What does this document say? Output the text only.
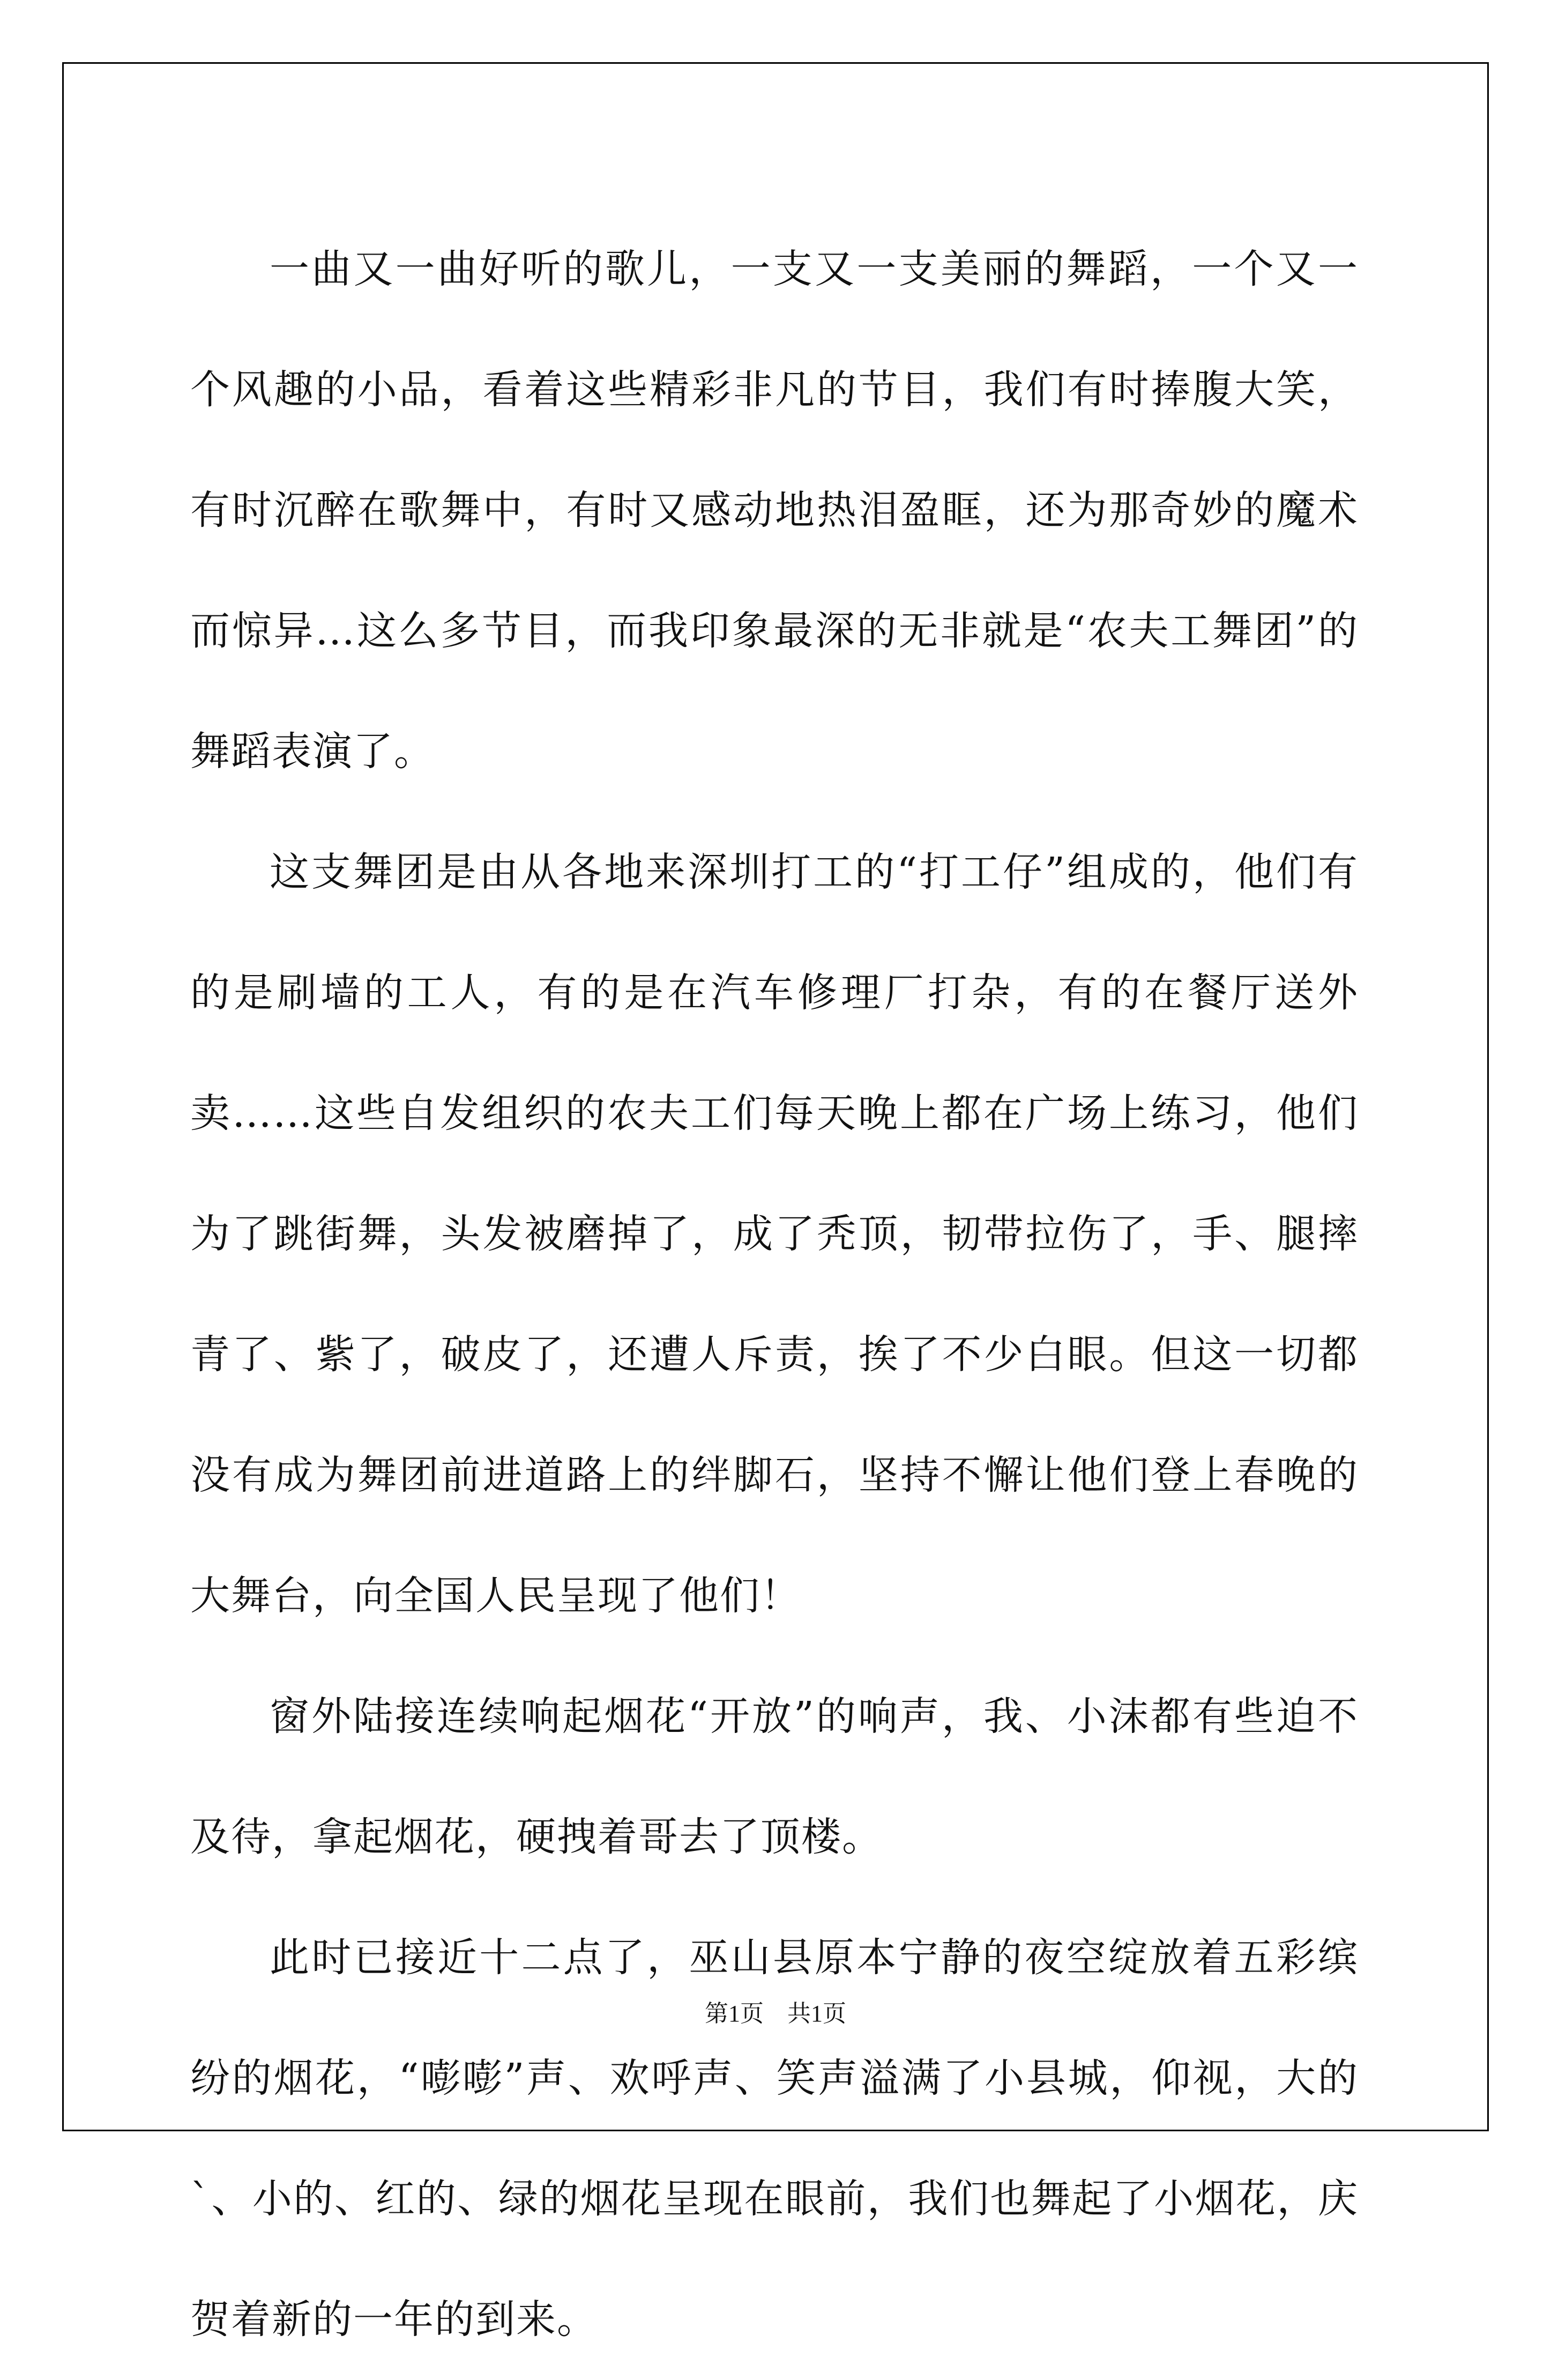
一曲又一曲好听的歌儿，一支又一支美丽的舞蹈，一个又一个风趣的小品，看着这些精彩非凡的节目，我们有时捧腹大笑，有时沉醉在歌舞中，有时又感动地热泪盈眶，还为那奇妙的魔术而惊异…这么多节目，而我印象最深的无非就是“农夫工舞团”的舞蹈表演了。

这支舞团是由从各地来深圳打工的“打工仔”组成的，他们有的是刷墙的工人，有的是在汽车修理厂打杂，有的在餐厅送外卖……这些自发组织的农夫工们每天晚上都在广场上练习，他们为了跳街舞，头发被磨掉了，成了秃顶，韧带拉伤了，手、腿摔青了、紫了，破皮了，还遭人斥责，挨了不少白眼。但这一切都没有成为舞团前进道路上的绊脚石，坚持不懈让他们登上春晚的大舞台，向全国人民呈现了他们！

窗外陆接连续响起烟花“开放”的响声，我、小沫都有些迫不及待，拿起烟花，硬拽着哥去了顶楼。

此时已接近十二点了，巫山县原本宁静的夜空绽放着五彩缤纷的烟花，“嘭嘭”声、欢呼声、笑声溢满了小县城，仰视，大的`、小的、红的、绿的烟花呈现在眼前，我们也舞起了小烟花，庆贺着新的一年的到来。

第1页　共1页
